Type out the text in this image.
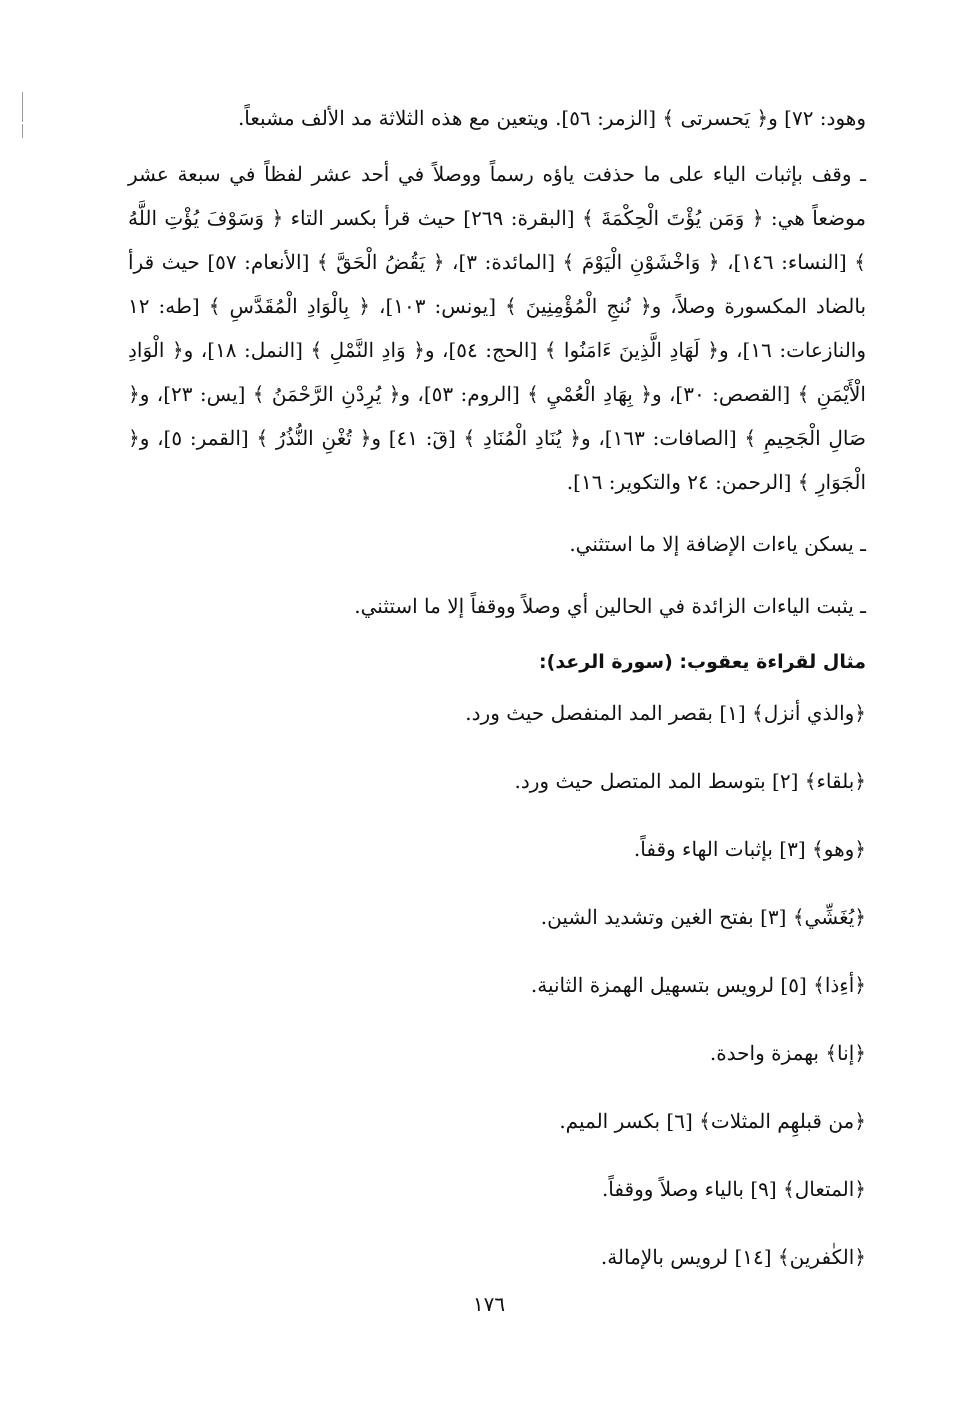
وهود: ٧٢] و﴿ يَحسرتى ﴾ [الزمر: ٥٦]. ويتعين مع هذه الثلاثة مد الألف مشبعاً.

ـ وقف بإثبات الياء على ما حذفت ياؤه رسماً ووصلاً في أحد عشر لفظاً في سبعة عشر موضعاً هي: ﴿ وَمَن يُؤْتَ الْحِكْمَةَ ﴾ [البقرة: ٢٦٩] حيث قرأ بكسر التاء ﴿ وَسَوْفَ يُؤْتِ اللَّهُ ﴾ [النساء: ١٤٦]، ﴿ وَاخْشَوْنِ الْيَوْمَ ﴾ [المائدة: ٣]، ﴿ يَقُضُ الْحَقَّ ﴾ [الأنعام: ٥٧] حيث قرأ بالضاد المكسورة وصلاً، و﴿ نُنجِ الْمُؤْمِنِينَ ﴾ [يونس: ١٠٣]، ﴿ بِالْوَادِ الْمُقَدَّسِ ﴾ [طه: ١٢ والنازعات: ١٦]، و﴿ لَهَادِ الَّذِينَ ءَامَنُوا ﴾ [الحج: ٥٤]، و﴿ وَادِ النَّمْلِ ﴾ [النمل: ١٨]، و﴿ الْوَادِ الْأَيْمَنِ ﴾ [القصص: ٣٠]، و﴿ بِهَادِ الْعُمْيِ ﴾ [الروم: ٥٣]، و﴿ يُرِدْنِ الرَّحْمَنُ ﴾ [يس: ٢٣]، و﴿ صَالِ الْجَحِيمِ ﴾ [الصافات: ١٦٣]، و﴿ يُنَادِ الْمُنَادِ ﴾ [قٓ: ٤١] و﴿ تُغْنِ النُّذُرُ ﴾ [القمر: ٥]، و﴿ الْجَوَارِ ﴾ [الرحمن: ٢٤ والتكوير: ١٦].

ـ يسكن ياءات الإضافة إلا ما استثني.

ـ يثبت الياءات الزائدة في الحالين أي وصلاً ووقفاً إلا ما استثني.

مثال لقراءة يعقوب: (سورة الرعد):

﴿والذي أنزل﴾ [١] بقصر المد المنفصل حيث ورد.
﴿بلقاء﴾ [٢] بتوسط المد المتصل حيث ورد.
﴿وهو﴾ [٣] بإثبات الهاء وقفاً.
﴿يُغَشِّي﴾ [٣] بفتح الغين وتشديد الشين.
﴿أءِذا﴾ [٥] لرويس بتسهيل الهمزة الثانية.
﴿إنا﴾ بهمزة واحدة.
﴿من قبلهِم المثلات﴾ [٦] بكسر الميم.
﴿المتعال﴾ [٩] بالياء وصلاً ووقفاً.
﴿الكٰفرين﴾ [١٤] لرويس بالإمالة.
١٧٦
